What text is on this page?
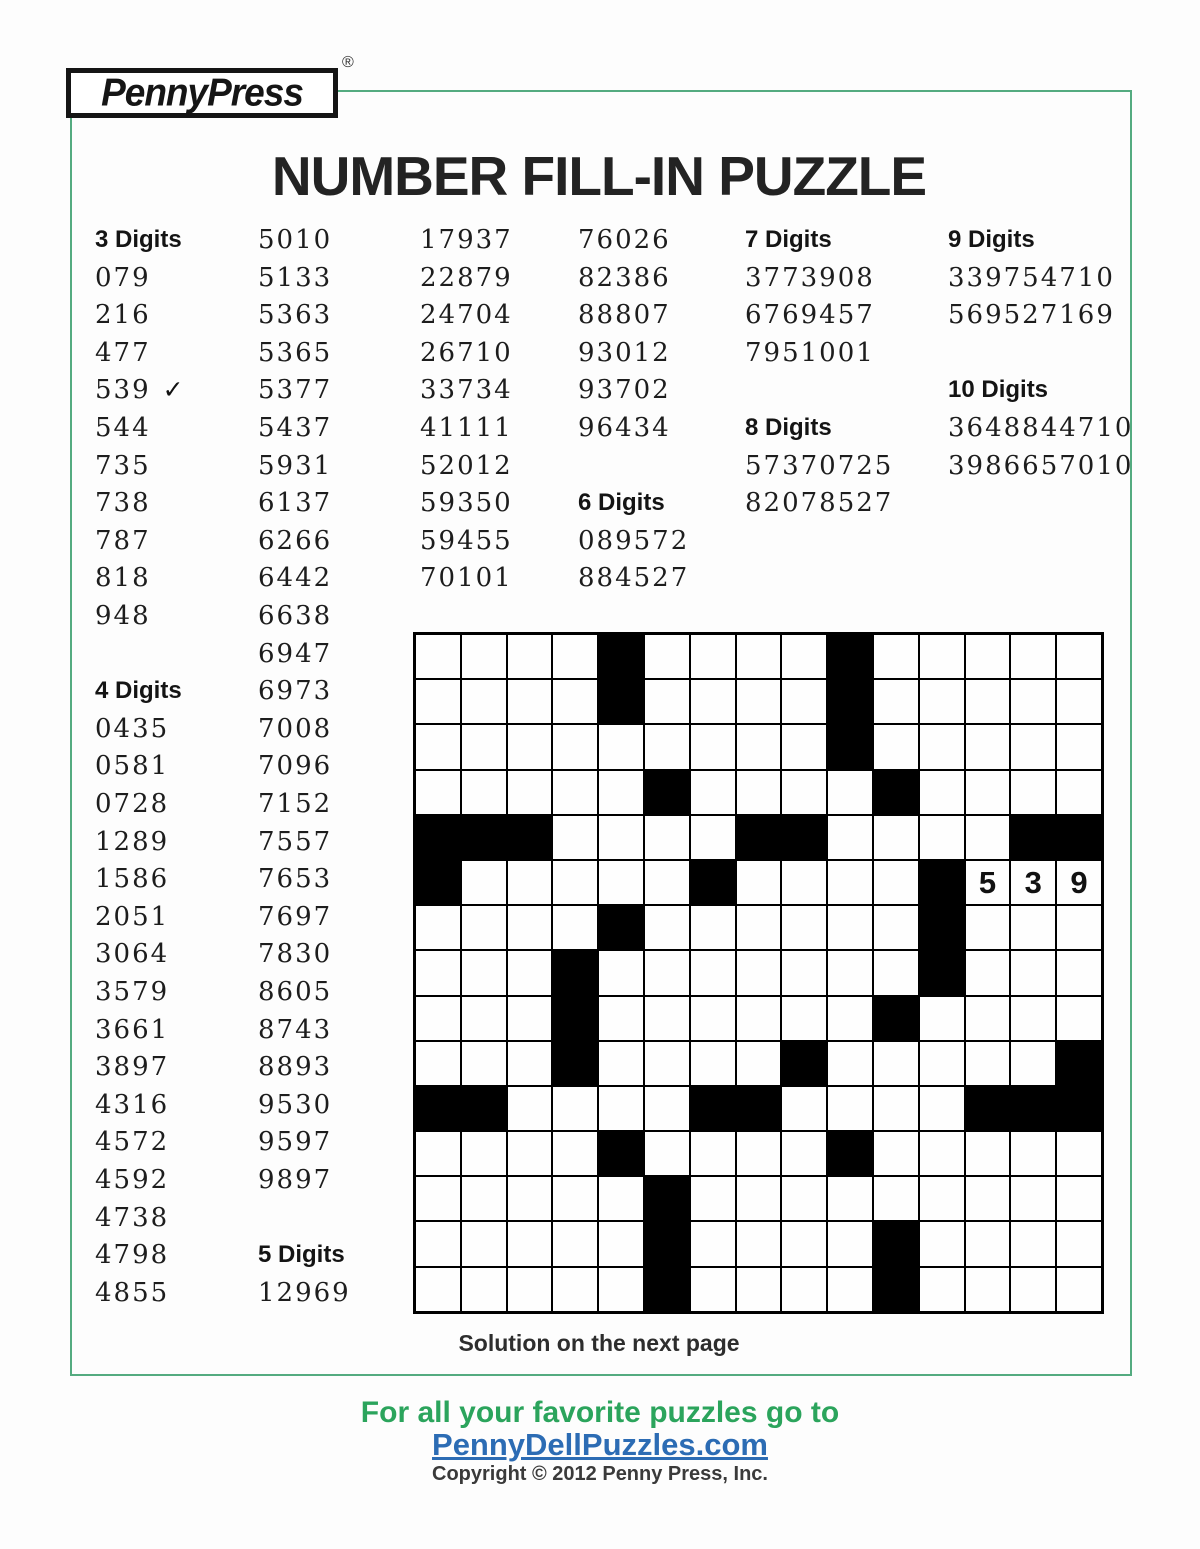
PennyPress
®
NUMBER FILL-IN PUZZLE
3 Digits
079
216
477
539 ✓
544
735
738
787
818
948
4 Digits
0435
0581
0728
1289
1586
2051
3064
3579
3661
3897
4316
4572
4592
4738
4798
4855
5010
5133
5363
5365
5377
5437
5931
6137
6266
6442
6638
6947
6973
7008
7096
7152
7557
7653
7697
7830
8605
8743
8893
9530
9597
9897
5 Digits
12969
17937
22879
24704
26710
33734
41111
52012
59350
59455
70101
76026
82386
88807
93012
93702
96434
6 Digits
089572
884527
7 Digits
3773908
6769457
7951001
8 Digits
57370725
82078527
9 Digits
339754710
569527169
10 Digits
3648844710
3986657010
5 3 9
Solution on the next page
For all your favorite puzzles go to
PennyDellPuzzles.com
Copyright © 2012 Penny Press, Inc.
